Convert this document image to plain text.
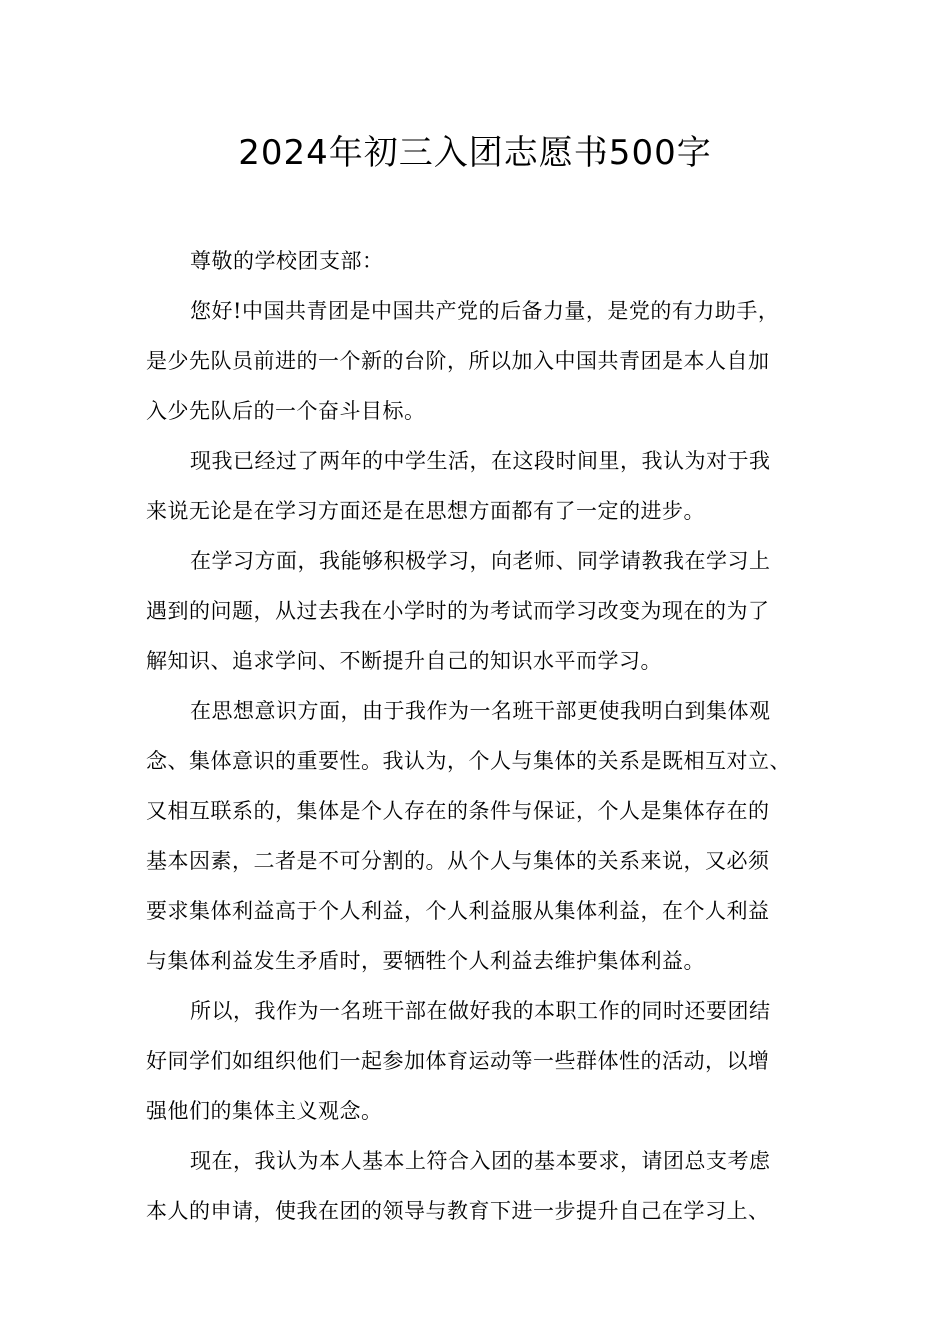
2024年初三入团志愿书500字
尊敬的学校团支部：
您好!中国共青团是中国共产党的后备力量，是党的有力助手，
是少先队员前进的一个新的台阶，所以加入中国共青团是本人自加
入少先队后的一个奋斗目标。
现我已经过了两年的中学生活，在这段时间里，我认为对于我
来说无论是在学习方面还是在思想方面都有了一定的进步。
在学习方面，我能够积极学习，向老师、同学请教我在学习上
遇到的问题，从过去我在小学时的为考试而学习改变为现在的为了
解知识、追求学问、不断提升自己的知识水平而学习。
在思想意识方面，由于我作为一名班干部更使我明白到集体观
念、集体意识的重要性。我认为，个人与集体的关系是既相互对立、
又相互联系的，集体是个人存在的条件与保证，个人是集体存在的
基本因素，二者是不可分割的。从个人与集体的关系来说，又必须
要求集体利益高于个人利益，个人利益服从集体利益，在个人利益
与集体利益发生矛盾时，要牺牲个人利益去维护集体利益。
所以，我作为一名班干部在做好我的本职工作的同时还要团结
好同学们如组织他们一起参加体育运动等一些群体性的活动，以增
强他们的集体主义观念。
现在，我认为本人基本上符合入团的基本要求，请团总支考虑
本人的申请，使我在团的领导与教育下进一步提升自己在学习上、
